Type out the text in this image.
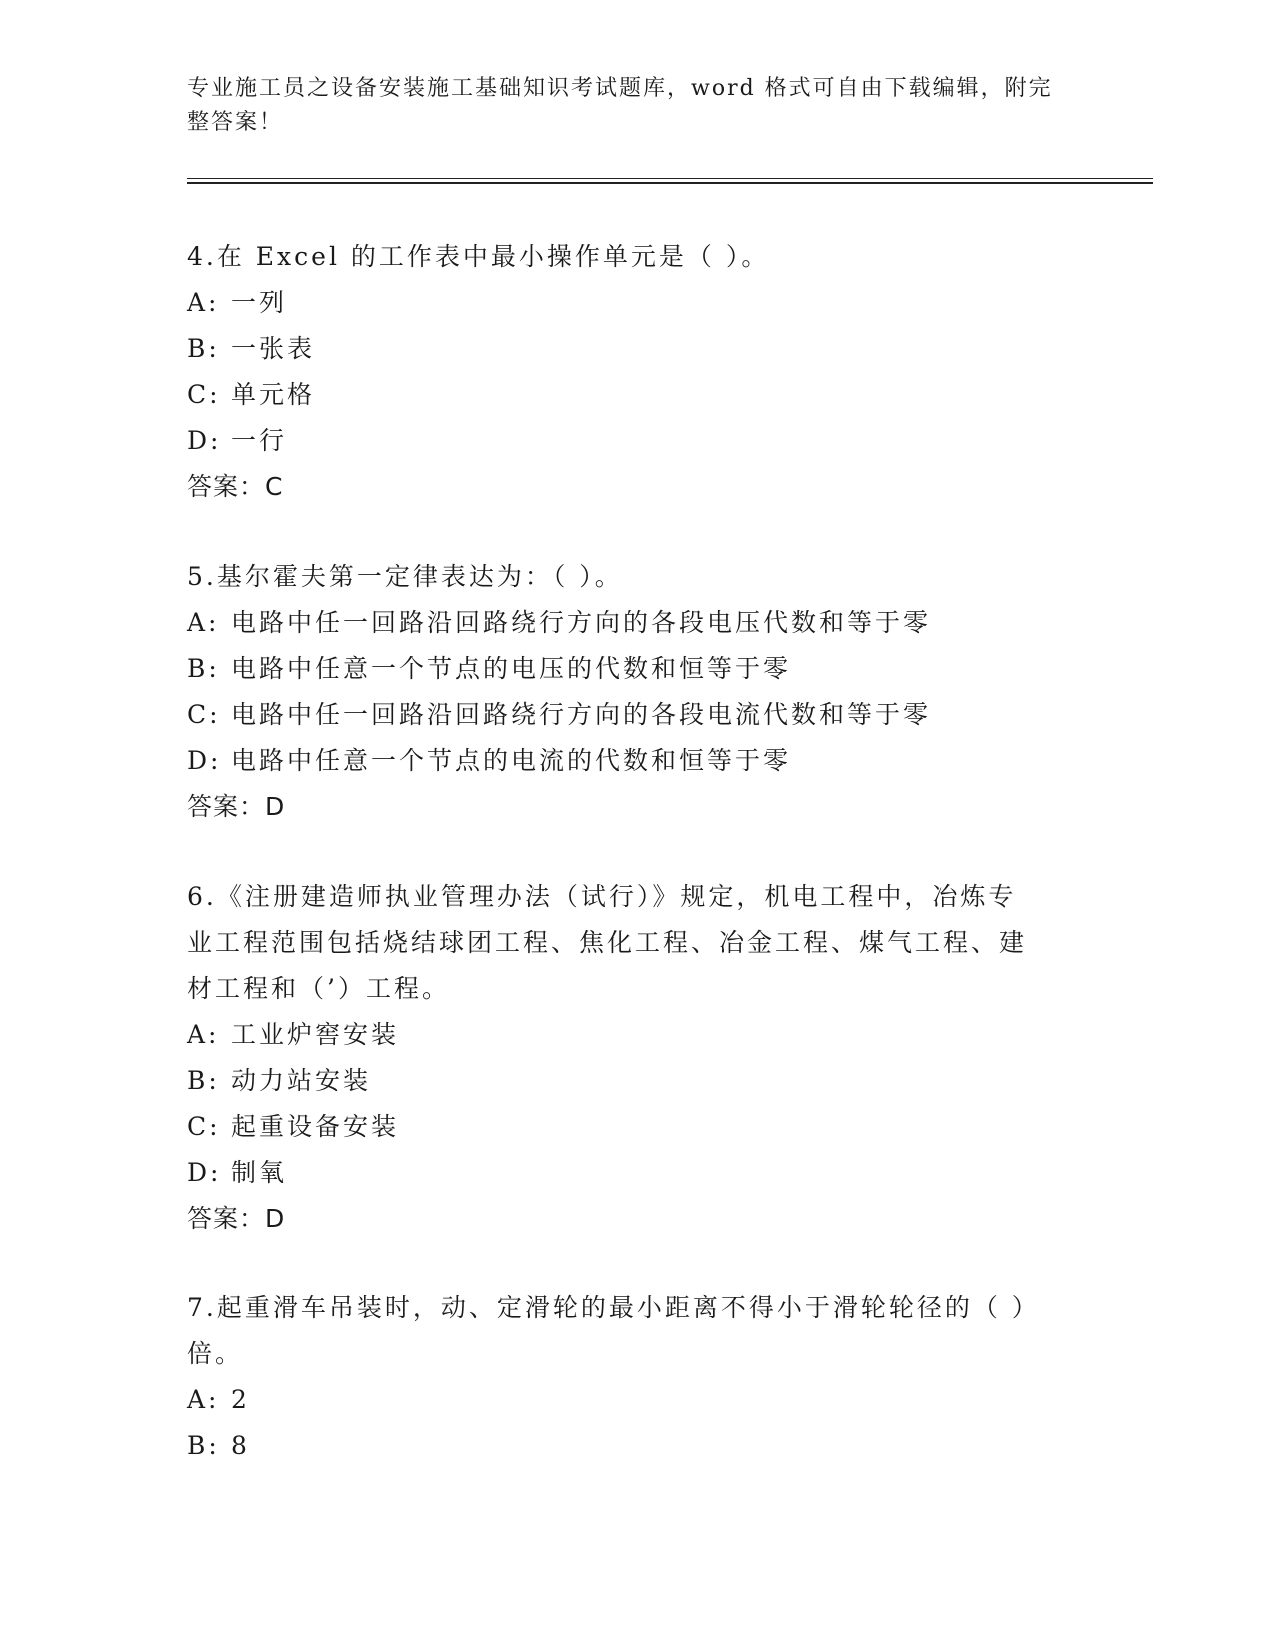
专业施工员之设备安装施工基础知识考试题库，word 格式可自由下载编辑，附完
整答案！
4.在 Excel 的工作表中最小操作单元是（ ）。
A: 一列
B: 一张表
C: 单元格
D: 一行
答案：C
5.基尔霍夫第一定律表达为：（ ）。
A: 电路中任一回路沿回路绕行方向的各段电压代数和等于零
B: 电路中任意一个节点的电压的代数和恒等于零
C: 电路中任一回路沿回路绕行方向的各段电流代数和等于零
D: 电路中任意一个节点的电流的代数和恒等于零
答案：D
6.《注册建造师执业管理办法（试行）》规定，机电工程中，冶炼专
业工程范围包括烧结球团工程、焦化工程、冶金工程、煤气工程、建
材工程和（’）工程。
A: 工业炉窖安装
B: 动力站安装
C: 起重设备安装
D: 制氧
答案：D
7.起重滑车吊装时，动、定滑轮的最小距离不得小于滑轮轮径的（ ）
倍。
A: 2
B: 8
